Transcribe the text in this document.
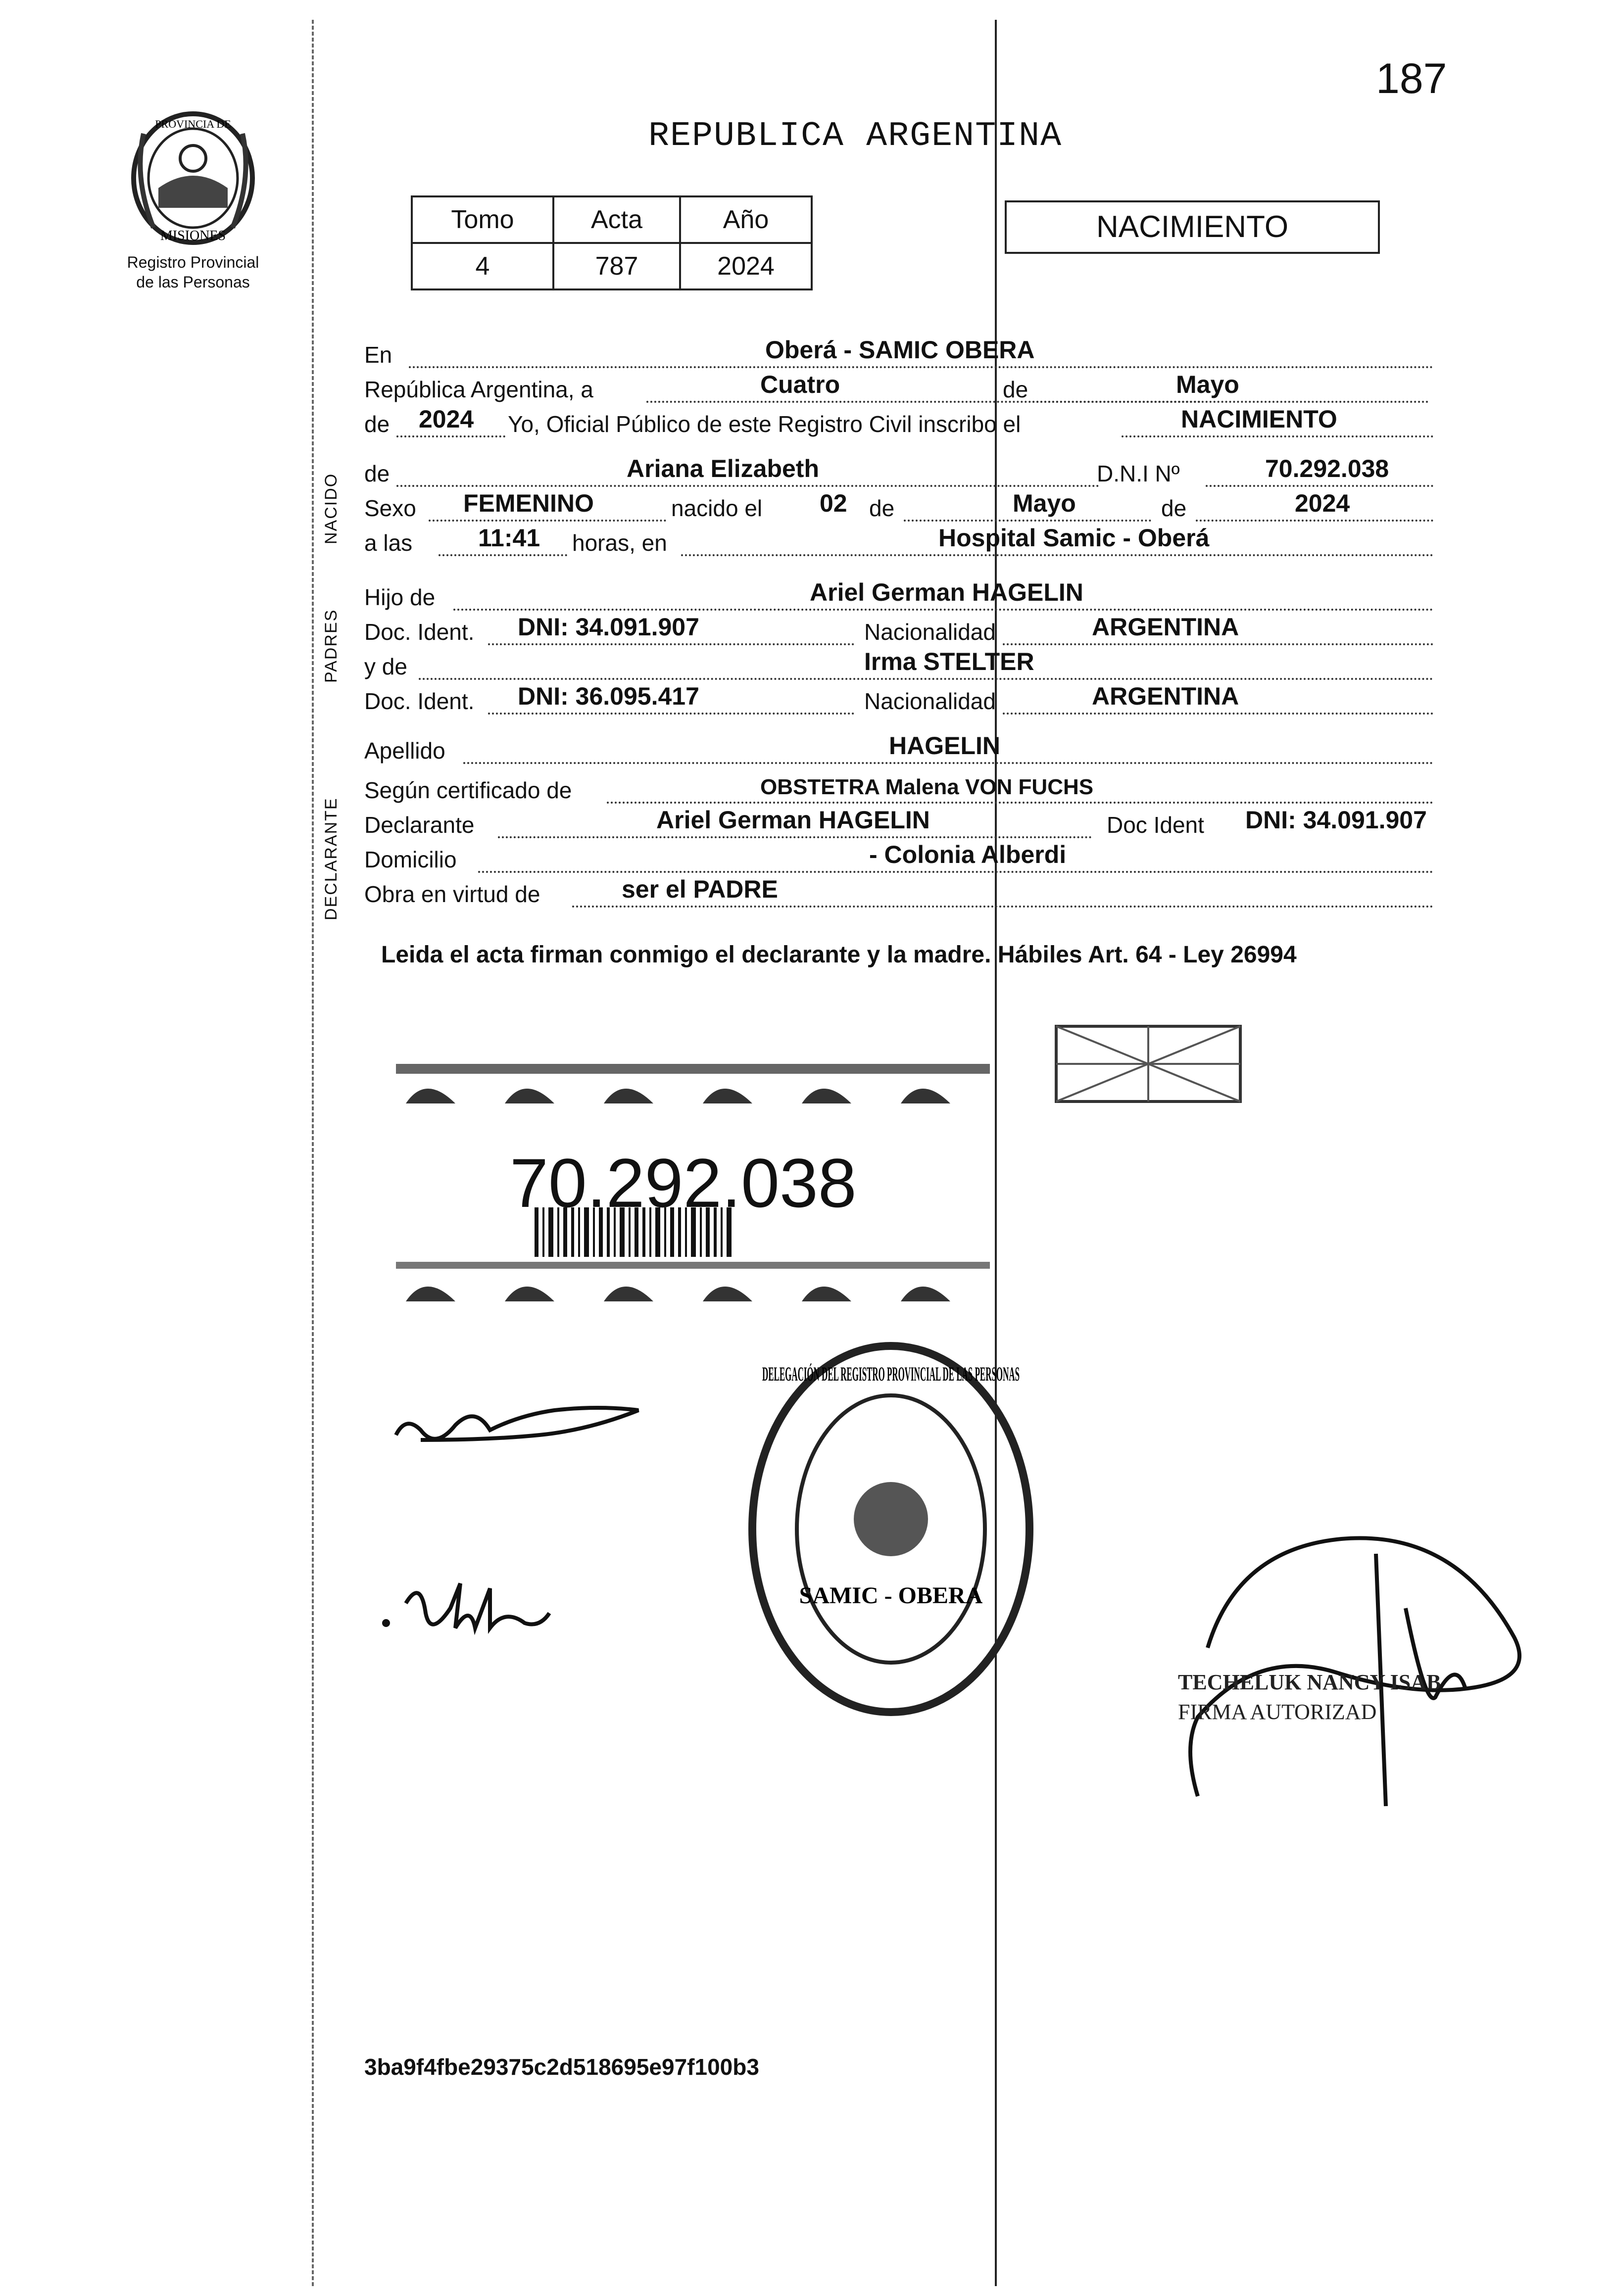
187
REPUBLICA ARGENTINA
PROVINCIA DE
MISIONES
Registro Provincial
de las Personas
Tomo	Acta	Año
4	787	2024
NACIMIENTO
NACIDO
PADRES
DECLARANTE
En	Oberá - SAMIC OBERA
República Argentina, a	Cuatro	de	Mayo
de 2024 Yo, Oficial Público de este Registro Civil inscribo el	NACIMIENTO
de	Ariana Elizabeth	D.N.I Nº	70.292.038
Sexo FEMENINO	nacido el 02 de	Mayo	de	2024
a las	11:41 horas, en	Hospital Samic - Oberá
Hijo de	Ariel German HAGELIN
Doc. Ident. DNI: 34.091.907	Nacionalidad	ARGENTINA
y de	Irma STELTER
Doc. Ident. DNI: 36.095.417	Nacionalidad	ARGENTINA
Apellido	HAGELIN
Según certificado de	OBSTETRA Malena VON FUCHS
Declarante	Ariel German HAGELIN	Doc Ident DNI: 34.091.907
Domicilio	- Colonia Alberdi
Obra en virtud de	ser el PADRE
Leida el acta firman conmigo el declarante y la madre. Hábiles Art. 64 - Ley 26994
70.292.038
DELEGACIÓN DEL REGISTRO PROVINCIAL DE LAS PERSONAS
SAMIC - OBERA
TECHELUK NANCY ISAB
FIRMA AUTORIZAD
3ba9f4fbe29375c2d518695e97f100b3
